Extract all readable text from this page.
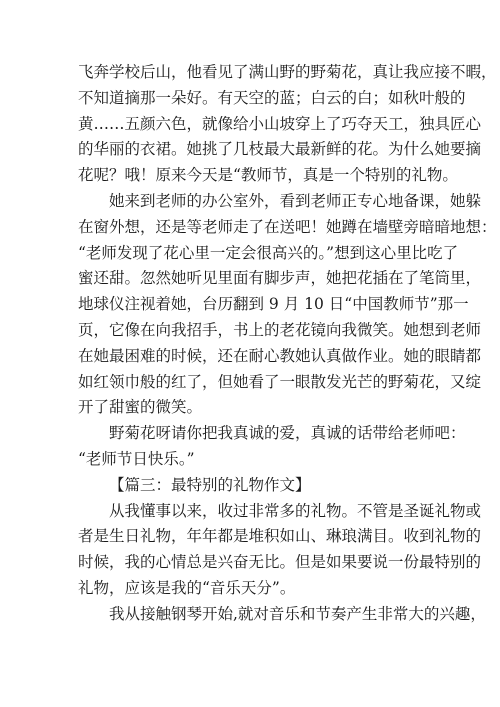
飞奔学校后山，他看见了满山野的野菊花，真让我应接不暇，
不知道摘那一朵好。有天空的蓝；白云的白；如秋叶般的
黄……五颜六色，就像给小山坡穿上了巧夺天工，独具匠心
的华丽的衣裙。她挑了几枝最大最新鲜的花。为什么她要摘
花呢？哦！原来今天是“教师节，真是一个特别的礼物。
她来到老师的办公室外，看到老师正专心地备课，她躲
在窗外想，还是等老师走了在送吧！她蹲在墙壁旁暗暗地想：
“老师发现了花心里一定会很高兴的。”想到这心里比吃了
蜜还甜。忽然她听见里面有脚步声，她把花插在了笔筒里，
地球仪注视着她，台历翻到 9 月 10 日“中国教师节”那一
页，它像在向我招手，书上的老花镜向我微笑。她想到老师
在她最困难的时候，还在耐心教她认真做作业。她的眼睛都
如红领巾般的红了，但她看了一眼散发光芒的野菊花，又绽
开了甜蜜的微笑。
野菊花呀请你把我真诚的爱，真诚的话带给老师吧：
“老师节日快乐。”
【篇三：最特别的礼物作文】
从我懂事以来，收过非常多的礼物。不管是圣诞礼物或
者是生日礼物，年年都是堆积如山、琳琅满目。收到礼物的
时候，我的心情总是兴奋无比。但是如果要说一份最特别的
礼物，应该是我的“音乐天分”。
我从接触钢琴开始,就对音乐和节奏产生非常大的兴趣，
